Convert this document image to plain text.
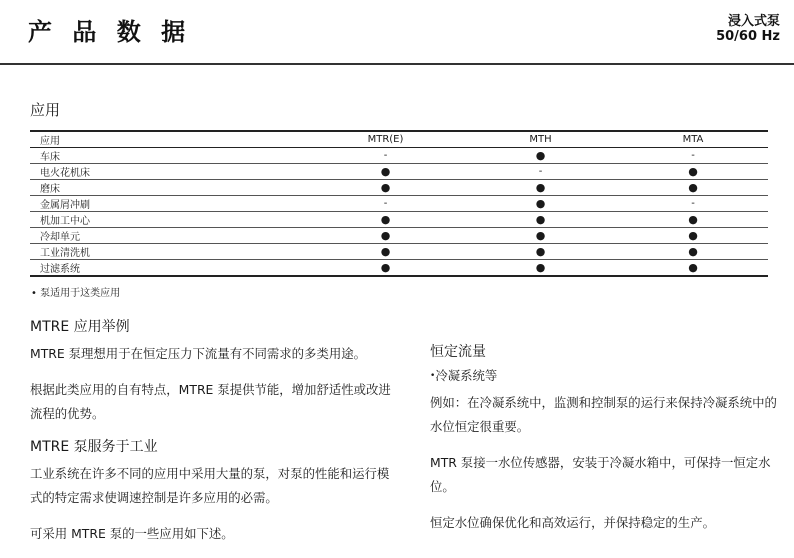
产 品 数 据	浸入式泵
50/60 Hz
应用
应用	MTR(E)	MTH	MTA
车床	-	●	-
电火花机床	●	-	●
磨床	●	●	●
金属屑冲刷	-	●	-
机加工中心	●	●	●
冷却单元	●	●	●
工业清洗机	●	●	●
过滤系统	●	●	●
• 泵适用于这类应用
MTRE 应用举例

MTRE 泵理想用于在恒定压力下流量有不同需求的多类用途。

根据此类应用的自有特点，MTRE 泵提供节能，增加舒适性或改进流程的优势。

MTRE 泵服务于工业

工业系统在许多不同的应用中采用大量的泵，对泵的性能和运行模式的特定需求使调速控制是许多应用的必需。

可采用 MTRE 泵的一些应用如下述。

恒定流量

•冷凝系统等

例如：在冷凝系统中，监测和控制泵的运行来保持冷凝系统中的水位恒定很重要。

MTR 泵接一水位传感器，安装于冷凝水箱中，可保持一恒定水位。

恒定水位确保优化和高效运行，并保持稳定的生产。
